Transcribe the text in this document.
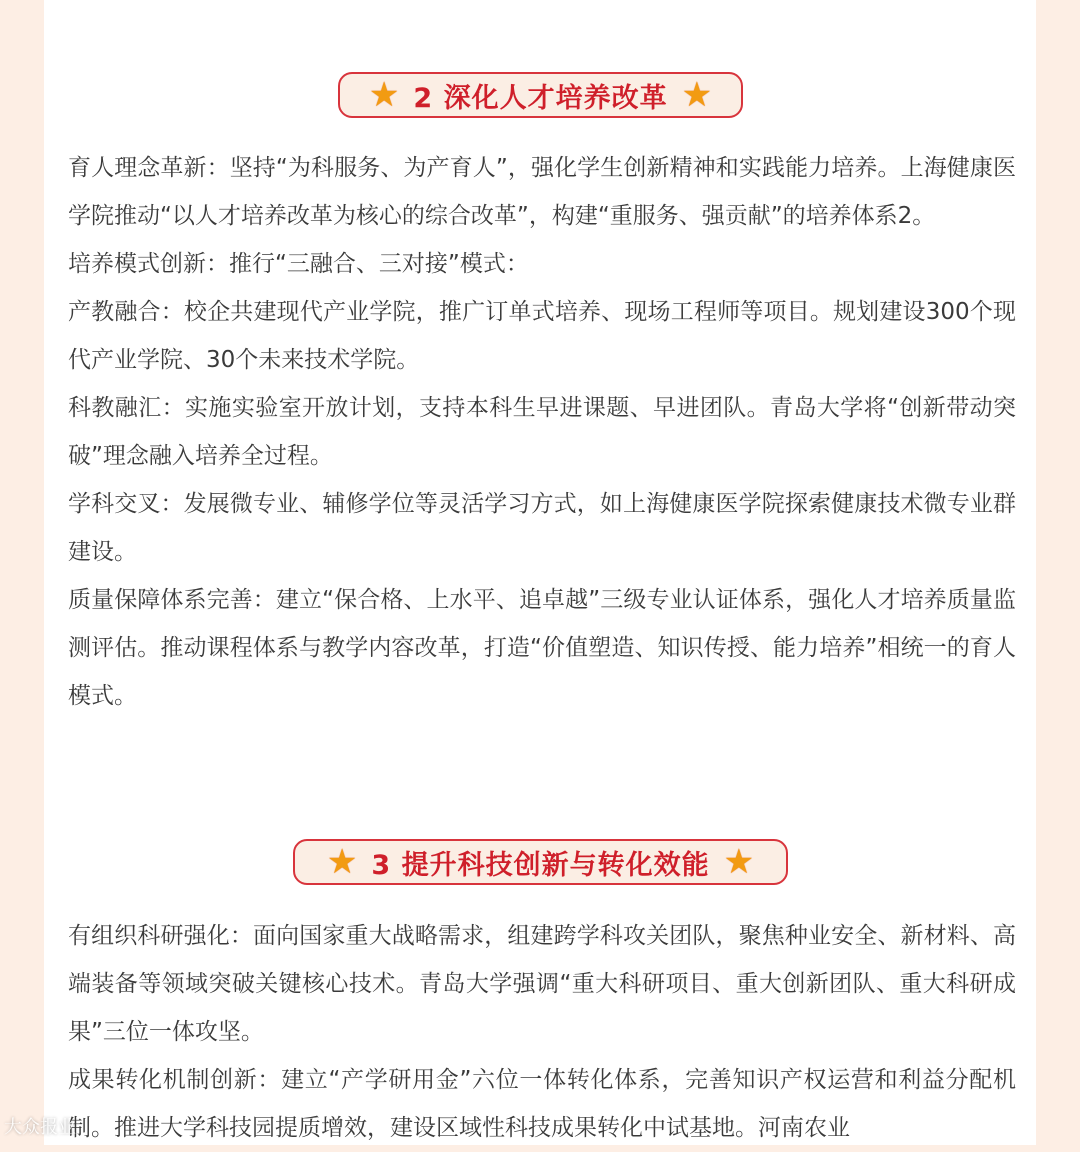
★ 2 深化人才培养改革 ★

育人理念革新：坚持“为科服务、为产育人”，强化学生创新精神和实践能力培养。上海健康医学院推动“以人才培养改革为核心的综合改革”，构建“重服务、强贡献”的培养体系2。

培养模式创新：推行“三融合、三对接”模式：

产教融合：校企共建现代产业学院，推广订单式培养、现场工程师等项目。规划建设300个现代产业学院、30个未来技术学院。

科教融汇：实施实验室开放计划，支持本科生早进课题、早进团队。青岛大学将“创新带动突破”理念融入培养全过程。

学科交叉：发展微专业、辅修学位等灵活学习方式，如上海健康医学院探索健康技术微专业群建设。

质量保障体系完善：建立“保合格、上水平、追卓越”三级专业认证体系，强化人才培养质量监测评估。推动课程体系与教学内容改革，打造“价值塑造、知识传授、能力培养”相统一的育人模式。

★ 3 提升科技创新与转化效能 ★

有组织科研强化：面向国家重大战略需求，组建跨学科攻关团队，聚焦种业安全、新材料、高端装备等领域突破关键核心技术。青岛大学强调“重大科研项目、重大创新团队、重大科研成果”三位一体攻坚。

成果转化机制创新：建立“产学研用金”六位一体转化体系，完善知识产权运营和利益分配机制。推进大学科技园提质增效，建设区域性科技成果转化中试基地。河南农业

大众报业
